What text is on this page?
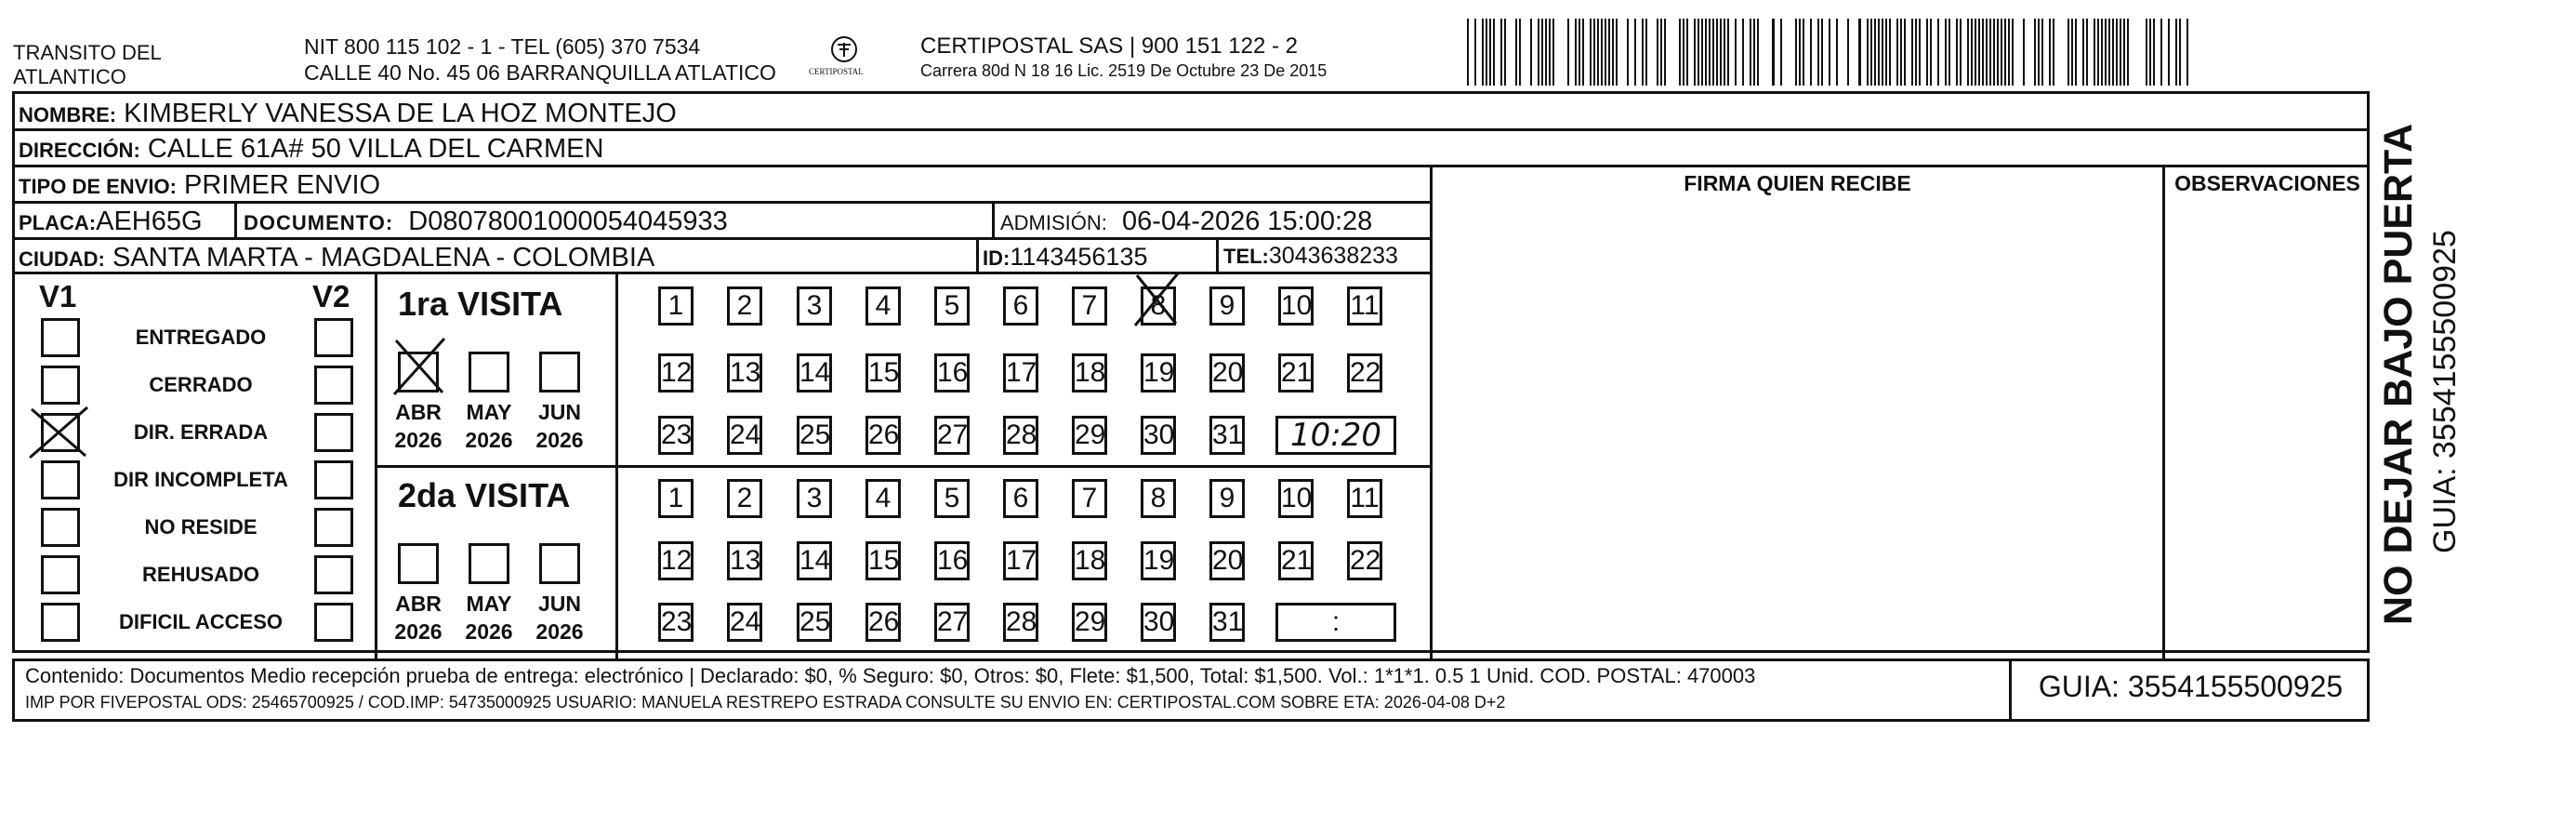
TRANSITO DEL
ATLANTICO
NIT 800 115 102 - 1 - TEL (605) 370 7534
CALLE 40 No. 45 06 BARRANQUILLA ATLATICO	CERTIPOSTAL
CERTIPOSTAL SAS | 900 151 122 - 2
Carrera 80d N 18 16 Lic. 2519 De Octubre 23 De 2015
NOMBRE: KIMBERLY VANESSA DE LA HOZ MONTEJO
DIRECCIÓN: CALLE 61A# 50 VILLA DEL CARMEN
TIPO DE ENVIO: PRIMER ENVIO
PLACA:AEH65G DOCUMENTO: D08078001000054045933	ADMISIÓN: 06-04-2026 15:00:28
CIUDAD: SANTA MARTA - MAGDALENA - COLOMBIA	ID:1143456135	TEL:3043638233
FIRMA QUIEN RECIBE	OBSERVACIONES
V1	V2 1ra VISITA
2da VISITA
Contenido: Documentos Medio recepción prueba de entrega: electrónico | Declarado: $0, % Seguro: $0, Otros: $0, Flete: $1,500, Total: $1,500. Vol.: 1*1*1. 0.5 1 Unid. COD. POSTAL: 470003
IMP POR FIVEPOSTAL ODS: 25465700925 / COD.IMP: 54735000925 USUARIO: MANUELA RESTREPO ESTRADA CONSULTE SU ENVIO EN: CERTIPOSTAL.COM SOBRE ETA: 2026-04-08 D+2	GUIA: 3554155500925
NO DEJAR BAJO PUERTA GUIA: 3554155500925
ENTREGADO
CERRADO
DIR. ERRADA
DIR INCOMPLETA
NO RESIDE
REHUSADO
DIFICIL ACCESO
ABR
2026
MAY
2026
JUN
2026
ABR
2026
MAY
2026
JUN
2026
1	2	3	4	5	6	7	8	9	10 11
12 13 14 15 16 17 18 19 20 21 22
23 24 25 26 27 28 29 30 31	10:20
1	2	3	4	5	6	7	8	9	10 11
12 13 14 15 16 17 18 19 20 21 22
23 24 25 26 27 28 29 30 31	:
